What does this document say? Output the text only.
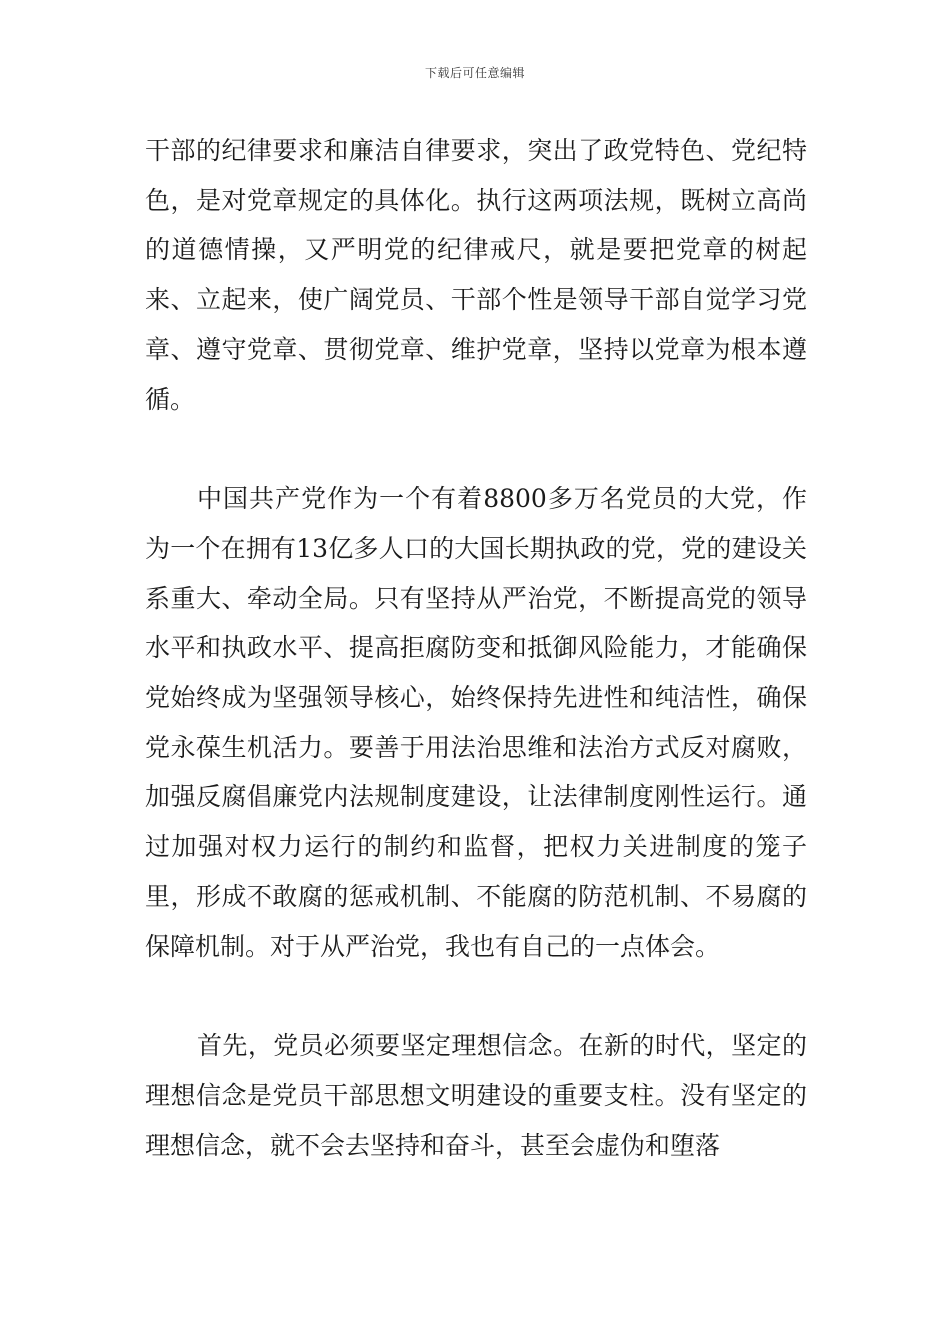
下载后可任意编辑

干部的纪律要求和廉洁自律要求，突出了政党特色、党纪特色，是对党章规定的具体化。执行这两项法规，既树立高尚的道德情操，又严明党的纪律戒尺，就是要把党章的树起来、立起来，使广阔党员、干部个性是领导干部自觉学习党章、遵守党章、贯彻党章、维护党章，坚持以党章为根本遵循。

中国共产党作为一个有着8800多万名党员的大党，作为一个在拥有13亿多人口的大国长期执政的党，党的建设关系重大、牵动全局。只有坚持从严治党，不断提高党的领导水平和执政水平、提高拒腐防变和抵御风险能力，才能确保党始终成为坚强领导核心，始终保持先进性和纯洁性，确保党永葆生机活力。要善于用法治思维和法治方式反对腐败，加强反腐倡廉党内法规制度建设，让法律制度刚性运行。通过加强对权力运行的制约和监督，把权力关进制度的笼子里，形成不敢腐的惩戒机制、不能腐的防范机制、不易腐的保障机制。对于从严治党，我也有自己的一点体会。

首先，党员必须要坚定理想信念。在新的时代，坚定的理想信念是党员干部思想文明建设的重要支柱。没有坚定的理想信念，就不会去坚持和奋斗，甚至会虚伪和堕落
